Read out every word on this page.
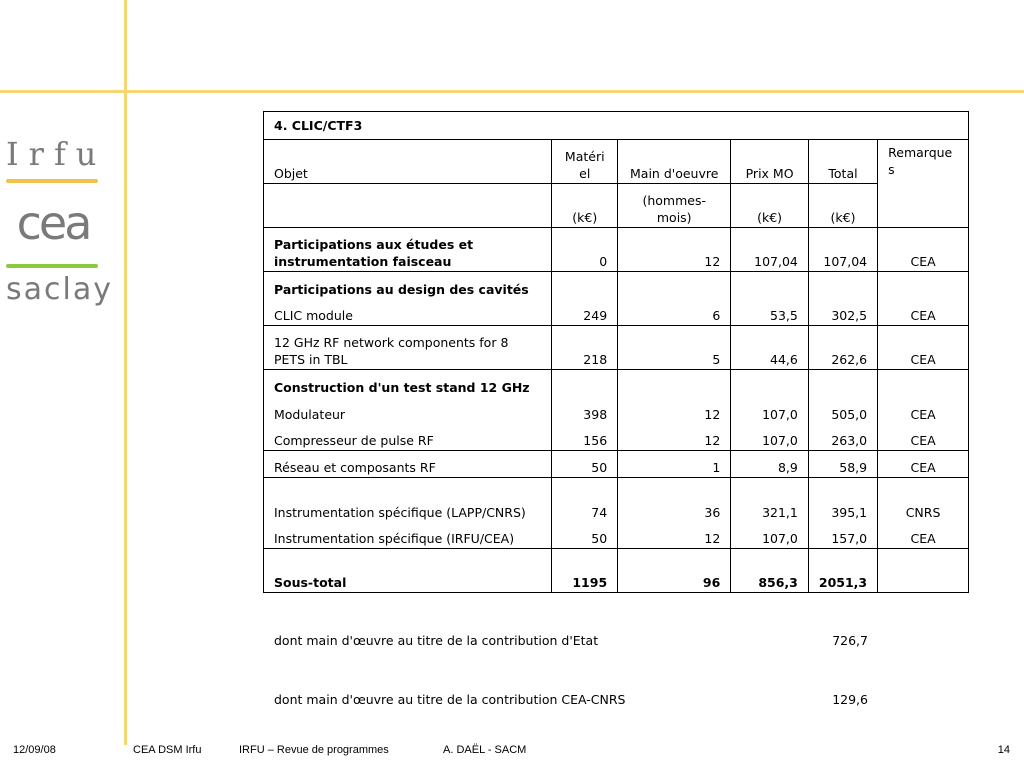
Irfu
cea
saclay
4. CLIC/CTF3					
Objet	Matéri el	Main d'oeuvre	Prix MO	Total	Remarque s
	(k€)	(hommes-mois)	(k€)	(k€)	
Participations aux études et instrumentation faisceau	0	12	107,04	107,04	CEA
Participations au design des cavités					
CLIC module	249	6	53,5	302,5	CEA
12 GHz RF network components for 8 PETS in TBL	218	5	44,6	262,6	CEA
Construction d'un test stand 12 GHz					
Modulateur	398	12	107,0	505,0	CEA
Compresseur de pulse RF	156	12	107,0	263,0	CEA
Réseau et composants RF	50	1	8,9	58,9	CEA
Instrumentation spécifique (LAPP/CNRS)	74	36	321,1	395,1	CNRS
Instrumentation spécifique (IRFU/CEA)	50	12	107,0	157,0	CEA
Sous-total	1195	96	856,3	2051,3	
dont main d'œuvre au titre de la contribution d'Etat	726,7
dont main d'œuvre au titre de la contribution CEA-CNRS	129,6
12/09/08	CEA DSM Irfu	IRFU – Revue de programmes	A. DAËL - SACM	14
